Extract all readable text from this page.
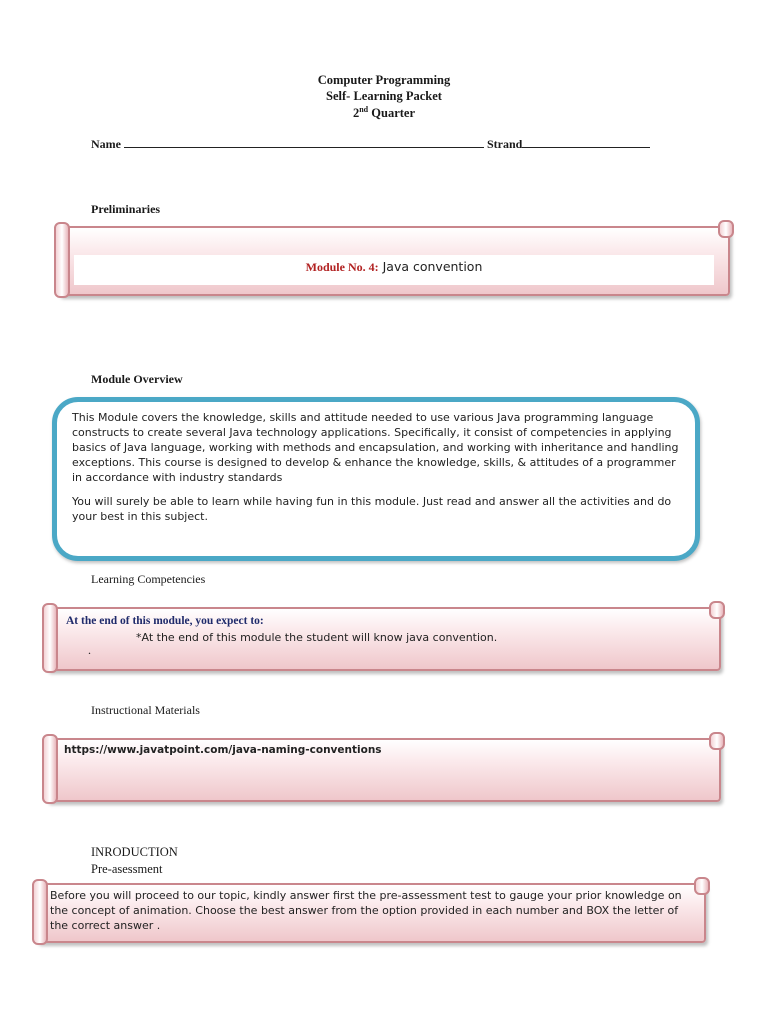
Computer Programming
Self- Learning Packet
2nd Quarter
Name	Strand
Preliminaries
Module No. 4: Java convention
Module Overview
This Module covers the knowledge, skills and attitude needed to use various Java programming language constructs to create several Java technology applications. Specifically, it consist of competencies in applying basics of Java language, working with methods and encapsulation, and working with inheritance and handling exceptions. This course is designed to develop & enhance the knowledge, skills, & attitudes of a programmer in accordance with industry standards
You will surely be able to learn while having fun in this module. Just read and answer all the activities and do your best in this subject.
Learning Competencies
At the end of this module, you expect to:
*At the end of this module the student will know java convention.
.
Instructional Materials
https://www.javatpoint.com/java-naming-conventions
INRODUCTION
Pre-asessment
Before you will proceed to our topic, kindly answer first the pre-assessment test to gauge your prior knowledge on the concept of animation. Choose the best answer from the option provided in each number and BOX the letter of the correct answer .
